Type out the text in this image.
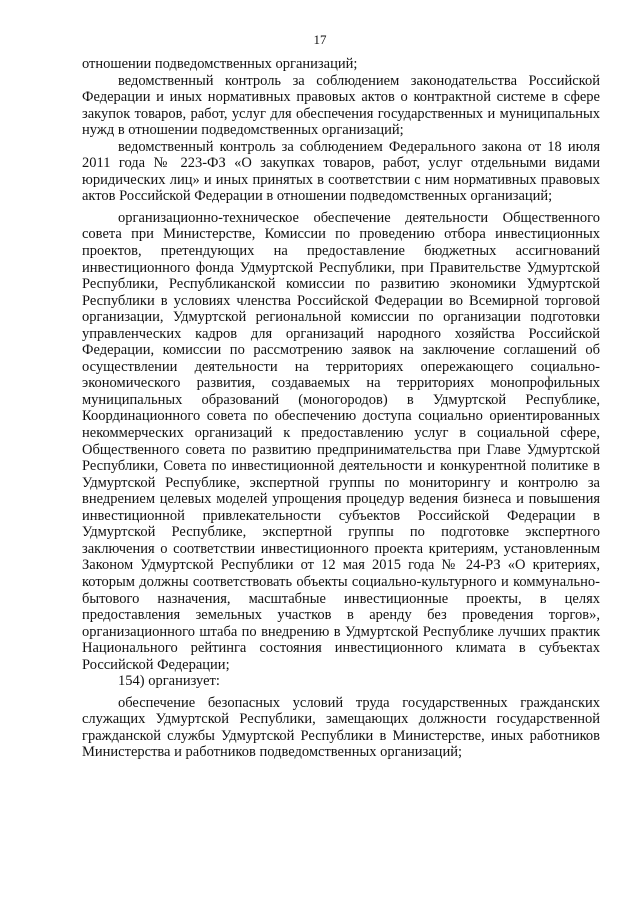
17

отношении подведомственных организаций;

ведомственный контроль за соблюдением законодательства Российской Федерации и иных нормативных правовых актов о контрактной системе в сфере закупок товаров, работ, услуг для обеспечения государственных и муниципальных нужд в отношении подведомственных организаций;

ведомственный контроль за соблюдением Федерального закона от 18 июля 2011 года № 223-ФЗ «О закупках товаров, работ, услуг отдельными видами юридических лиц» и иных принятых в соответствии с ним нормативных правовых актов Российской Федерации в отношении подведомственных организаций;

организационно-техническое обеспечение деятельности Общественного совета при Министерстве, Комиссии по проведению отбора инвестиционных проектов, претендующих на предоставление бюджетных ассигнований инвестиционного фонда Удмуртской Республики, при Правительстве Удмуртской Республики, Республиканской комиссии по развитию экономики Удмуртской Республики в условиях членства Российской Федерации во Всемирной торговой организации, Удмуртской региональной комиссии по организации подготовки управленческих кадров для организаций народного хозяйства Российской Федерации, комиссии по рассмотрению заявок на заключение соглашений об осуществлении деятельности на территориях опережающего социально-экономического развития, создаваемых на территориях монопрофильных муниципальных образований (моногородов) в Удмуртской Республике, Координационного совета по обеспечению доступа социально ориентированных некоммерческих организаций к предоставлению услуг в социальной сфере, Общественного совета по развитию предпринимательства при Главе Удмуртской Республики, Совета по инвестиционной деятельности и конкурентной политике в Удмуртской Республике, экспертной группы по мониторингу и контролю за внедрением целевых моделей упрощения процедур ведения бизнеса и повышения инвестиционной привлекательности субъектов Российской Федерации в Удмуртской Республике, экспертной группы по подготовке экспертного заключения о соответствии инвестиционного проекта критериям, установленным Законом Удмуртской Республики от 12 мая 2015 года № 24-РЗ «О критериях, которым должны соответствовать объекты социально-культурного и коммунально-бытового назначения, масштабные инвестиционные проекты, в целях предоставления земельных участков в аренду без проведения торгов», организационного штаба по внедрению в Удмуртской Республике лучших практик Национального рейтинга состояния инвестиционного климата в субъектах Российской Федерации;

154) организует:

обеспечение безопасных условий труда государственных гражданских служащих Удмуртской Республики, замещающих должности государственной гражданской службы Удмуртской Республики в Министерстве, иных работников Министерства и работников подведомственных организаций;
